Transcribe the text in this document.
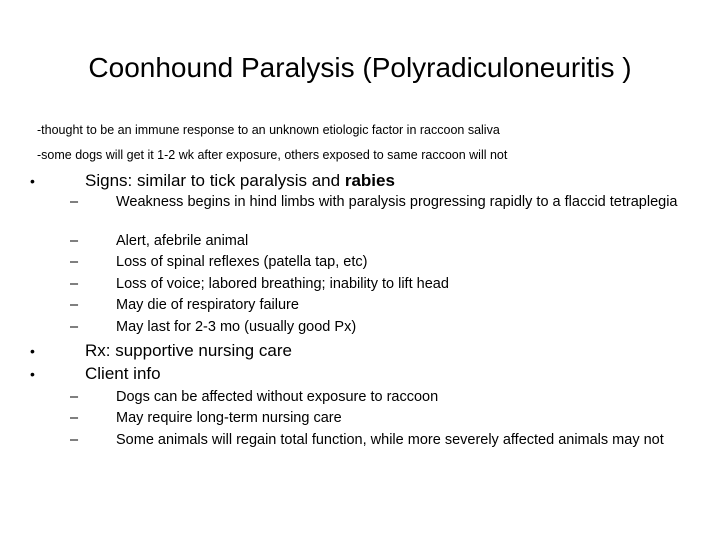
Coonhound Paralysis (Polyradiculoneuritis )
-thought to be an immune response to an unknown etiologic factor in raccoon saliva
-some dogs will get it 1-2 wk after exposure, others exposed to same raccoon will not
•	Signs: similar to tick paralysis and rabies
–	Weakness begins in hind limbs with paralysis progressing rapidly to a flaccid tetraplegia
–	Alert, afebrile animal
–	Loss of spinal reflexes (patella tap, etc)
–	Loss of voice; labored breathing; inability to lift head
–	May die of respiratory failure
–	May last for 2-3 mo (usually good Px)
•	Rx: supportive nursing care
•	Client info
–	Dogs can be affected without exposure to raccoon
–	May require long-term nursing care
–	Some animals will regain total function, while more severely affected animals may not
